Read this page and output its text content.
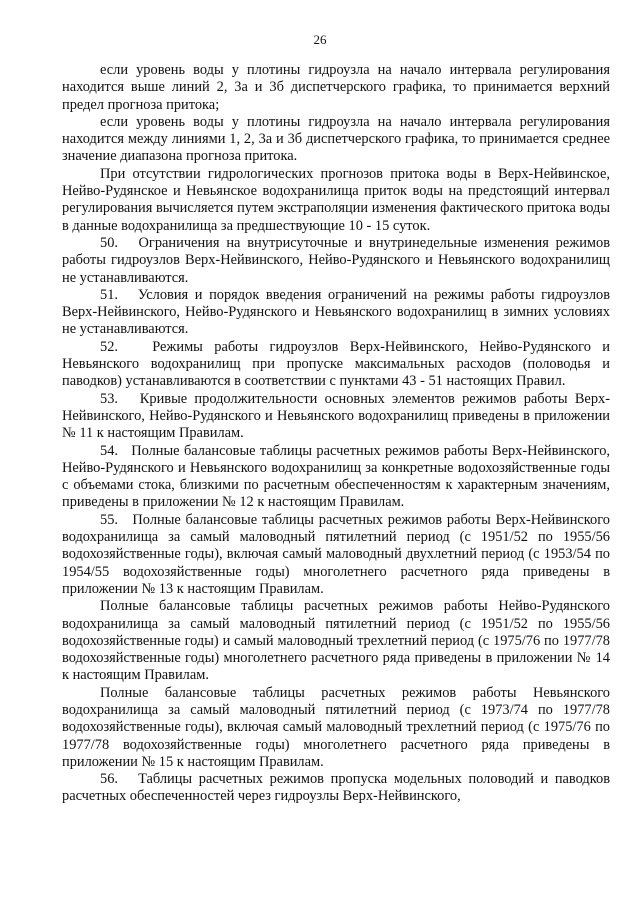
26

если уровень воды у плотины гидроузла на начало интервала регулирования находится выше линий 2, 3а и 3б диспетчерского графика, то принимается верхний предел прогноза притока;

если уровень воды у плотины гидроузла на начало интервала регулирования находится между линиями 1, 2, 3а и 3б диспетчерского графика, то принимается среднее значение диапазона прогноза притока.

При отсутствии гидрологических прогнозов притока воды в Верх-Нейвинское, Нейво-Рудянское и Невьянское водохранилища приток воды на предстоящий интервал регулирования вычисляется путем экстраполяции изменения фактического притока воды в данные водохранилища за предшествующие 10 - 15 суток.

50.   Ограничения на внутрисуточные и внутринедельные изменения режимов работы гидроузлов Верх-Нейвинского, Нейво-Рудянского и Невьянского водохранилищ не устанавливаются.

51.   Условия и порядок введения ограничений на режимы работы гидроузлов Верх-Нейвинского, Нейво-Рудянского и Невьянского водохранилищ в зимних условиях не устанавливаются.

52.   Режимы работы гидроузлов Верх-Нейвинского, Нейво-Рудянского и Невьянского водохранилищ при пропуске максимальных расходов (половодья и паводков) устанавливаются в соответствии с пунктами 43 - 51 настоящих Правил.

53.   Кривые продолжительности основных элементов режимов работы Верх-Нейвинского, Нейво-Рудянского и Невьянского водохранилищ приведены в приложении № 11 к настоящим Правилам.

54.   Полные балансовые таблицы расчетных режимов работы Верх-Нейвинского, Нейво-Рудянского и Невьянского водохранилищ за конкретные водохозяйственные годы с объемами стока, близкими по расчетным обеспеченностям к характерным значениям, приведены в приложении № 12 к настоящим Правилам.

55.   Полные балансовые таблицы расчетных режимов работы Верх-Нейвинского водохранилища за самый маловодный пятилетний период (с 1951/52 по 1955/56 водохозяйственные годы), включая самый маловодный двухлетний период (с 1953/54 по 1954/55 водохозяйственные годы) многолетнего расчетного ряда приведены в приложении № 13 к настоящим Правилам.

Полные балансовые таблицы расчетных режимов работы Нейво-Рудянского водохранилища за самый маловодный пятилетний период (с 1951/52 по 1955/56 водохозяйственные годы) и самый маловодный трехлетний период (с 1975/76 по 1977/78 водохозяйственные годы) многолетнего расчетного ряда приведены в приложении № 14 к настоящим Правилам.

Полные балансовые таблицы расчетных режимов работы Невьянского водохранилища за самый маловодный пятилетний период (с 1973/74 по 1977/78 водохозяйственные годы), включая самый маловодный трехлетний период (с 1975/76 по 1977/78 водохозяйственные годы) многолетнего расчетного ряда приведены в приложении № 15 к настоящим Правилам.

56.   Таблицы расчетных режимов пропуска модельных половодий и паводков расчетных обеспеченностей через гидроузлы Верх-Нейвинского,
